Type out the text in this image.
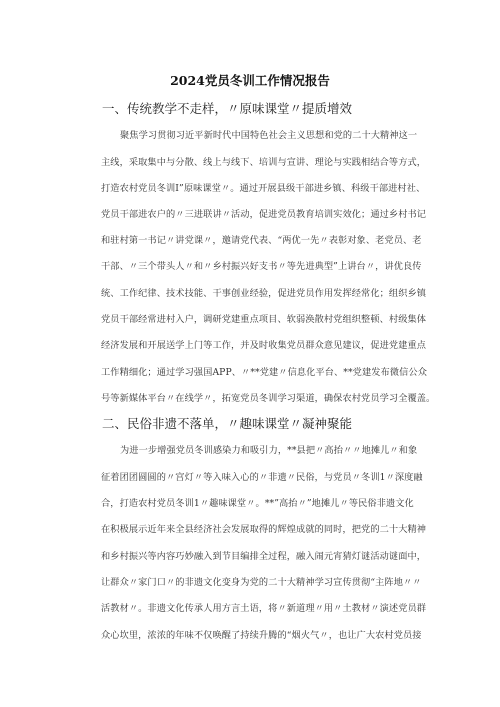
2024党员冬训工作情况报告
一、传统教学不走样，〃原味课堂〃提质增效
聚焦学习贯彻习近平新时代中国特色社会主义思想和党的二十大精神这一
主线，采取集中与分散、线上与线下、培训与宣讲、理论与实践相结合等方式，
打造农村党员冬训Ⅰ”原味课堂〃。通过开展县级干部进乡镇、科级干部进村社、
党员干部进农户的〃三进联讲〃活动，促进党员教育培训实效化；通过乡村书记
和驻村第一书记〃讲党课〃，邀请党代表、“两优一先〃表彰对象、老党员、老
干部、〃三个带头人〃和〃乡村振兴好支书〃等先进典型”上讲台〃，讲优良传
统、工作纪律、技术技能、干事创业经验，促进党员作用发挥经常化；组织乡镇
党员干部经常进村入户，调研党建重点项目、软弱涣散村党组织整顿、村级集体
经济发展和开展送学上门等工作，并及时收集党员群众意见建议，促进党建重点
工作精细化；通过学习强国APP、〃**党建〃信息化平台、**党建发布微信公众
号等新媒体平台〃在线学〃，拓宽党员冬训学习渠道，确保农村党员学习全覆盖。
二、民俗非遗不落单，〃趣味课堂〃凝神聚能
为进一步增强党员冬训感染力和吸引力，**县把〃高抬〃〃地摊儿〃和象
征着团团圆圆的〃宫灯〃等入味入心的〃非遗〃民俗，与党员〃冬训1〃深度融
合，打造农村党员冬训1〃趣味课堂〃。**”高抬〃”地摊儿〃等民俗非遗文化
在积极展示近年来全县经济社会发展取得的辉煌成就的同时，把党的二十大精神
和乡村振兴等内容巧妙融入到节目编排全过程，融入闹元宵猜灯谜活动谜面中，
让群众〃家门口〃的非遗文化变身为党的二十大精神学习宣传贯彻“主阵地〃〃
活教材〃。非遗文化传承人用方言土语，将〃新道理〃用〃土教材〃演述党员群
众心坎里，浓浓的年味不仅唤醒了持续升腾的“烟火气〃，也让广大农村党员接
